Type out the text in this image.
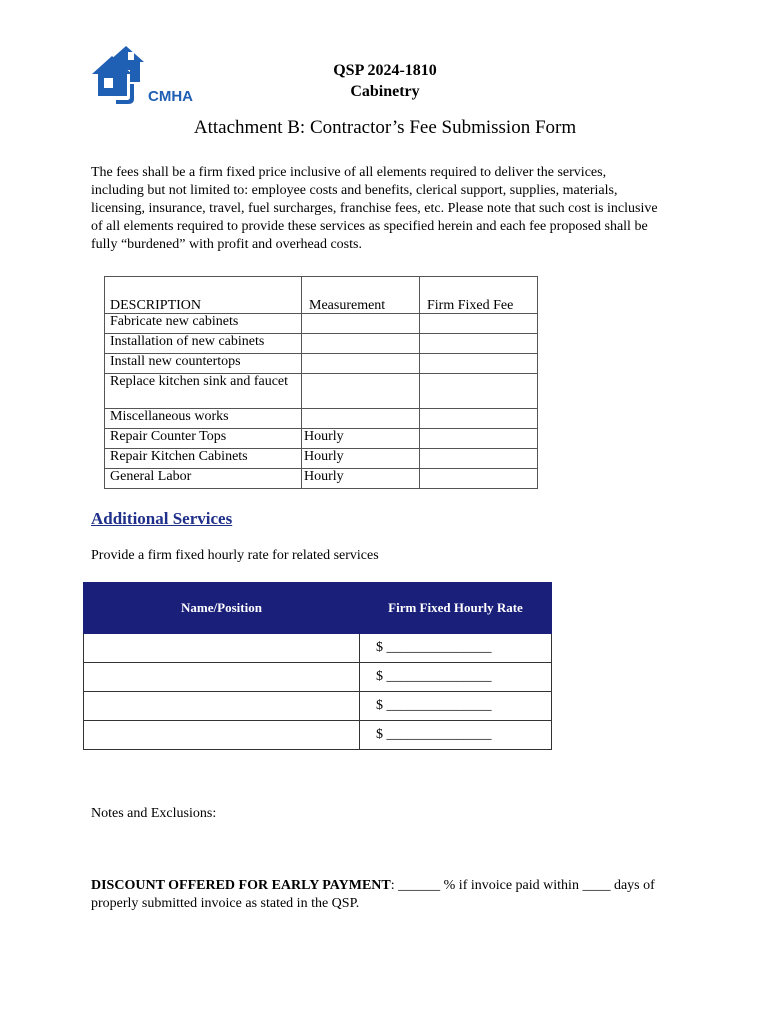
CMHA
QSP 2024-1810
Cabinetry
Attachment B: Contractor’s Fee Submission Form

The fees shall be a firm fixed price inclusive of all elements required to deliver the services, including but not limited to: employee costs and benefits, clerical support, supplies, materials, licensing, insurance, travel, fuel surcharges, franchise fees, etc. Please note that such cost is inclusive of all elements required to provide these services as specified herein and each fee proposed shall be fully “burdened” with profit and overhead costs.

DESCRIPTION	Measurement	Firm Fixed Fee
Fabricate new cabinets		
Installation of new cabinets		
Install new countertops		
Replace kitchen sink and faucet		
Miscellaneous works		
Repair Counter Tops	Hourly	
Repair Kitchen Cabinets	Hourly	
General Labor	Hourly	
Additional Services
Provide a firm fixed hourly rate for related services
Name/Position	Firm Fixed Hourly Rate
	$ _______________
	$ _______________
	$ _______________
	$ _______________
Notes and Exclusions:

DISCOUNT OFFERED FOR EARLY PAYMENT: ______ % if invoice paid within ____ days of properly submitted invoice as stated in the QSP.
